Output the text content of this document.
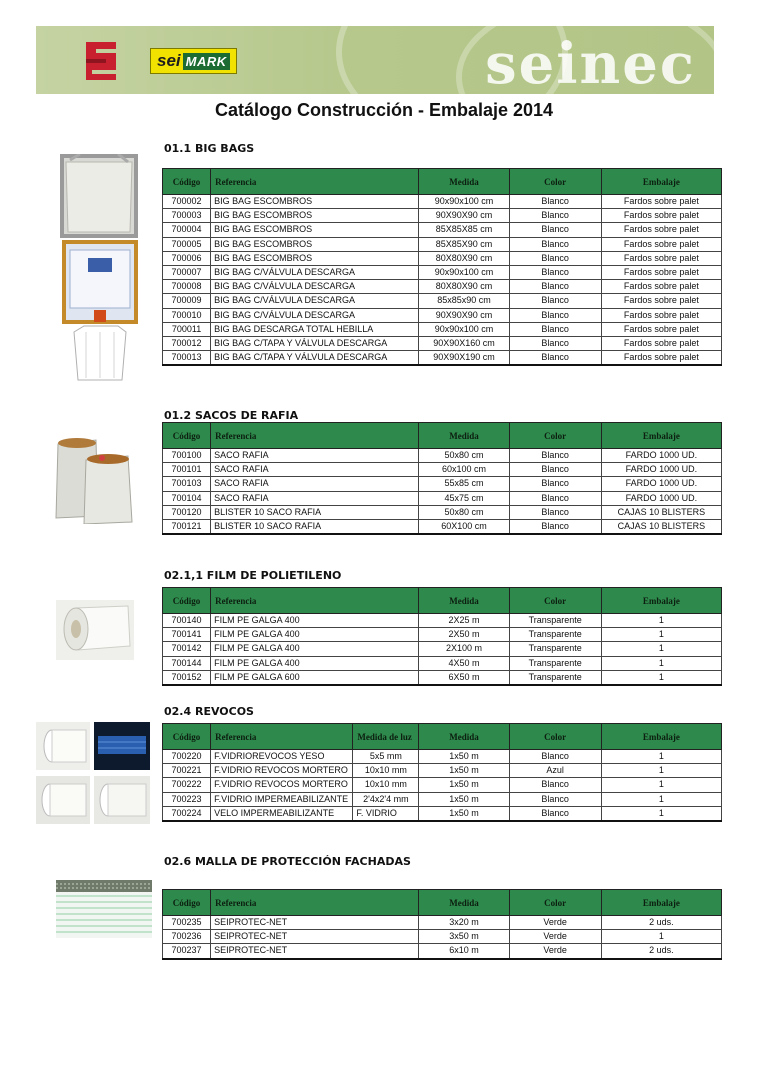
sei MARK	seinec
Catálogo Construcción - Embalaje 2014
01.1 BIG BAGS
Código	Referencia	Medida	Color	Embalaje
700002	BIG BAG ESCOMBROS	90x90x100 cm	Blanco	Fardos sobre palet
700003	BIG BAG ESCOMBROS	90X90X90 cm	Blanco	Fardos sobre palet
700004	BIG BAG ESCOMBROS	85X85X85 cm	Blanco	Fardos sobre palet
700005	BIG BAG ESCOMBROS	85X85X90 cm	Blanco	Fardos sobre palet
700006	BIG BAG ESCOMBROS	80X80X90 cm	Blanco	Fardos sobre palet
700007	BIG BAG C/VÁLVULA DESCARGA	90x90x100 cm	Blanco	Fardos sobre palet
700008	BIG BAG C/VÁLVULA DESCARGA	80X80X90 cm	Blanco	Fardos sobre palet
700009	BIG BAG C/VÁLVULA DESCARGA	85x85x90 cm	Blanco	Fardos sobre palet
700010	BIG BAG C/VÁLVULA DESCARGA	90X90X90 cm	Blanco	Fardos sobre palet
700011	BIG BAG DESCARGA TOTAL HEBILLA	90x90x100 cm	Blanco	Fardos sobre palet
700012	BIG BAG C/TAPA Y VÁLVULA DESCARGA	90X90X160 cm	Blanco	Fardos sobre palet
700013	BIG BAG C/TAPA Y VÁLVULA DESCARGA	90X90X190 cm	Blanco	Fardos sobre palet
01.2 SACOS DE RAFIA
Código	Referencia	Medida	Color	Embalaje
700100	SACO RAFIA	50x80 cm	Blanco	FARDO 1000 UD.
700101	SACO RAFIA	60x100 cm	Blanco	FARDO 1000 UD.
700103	SACO RAFIA	55x85 cm	Blanco	FARDO 1000 UD.
700104	SACO RAFIA	45x75 cm	Blanco	FARDO 1000 UD.
700120	BLISTER 10 SACO RAFIA	50x80 cm	Blanco	CAJAS 10 BLISTERS
700121	BLISTER 10 SACO RAFIA	60X100 cm	Blanco	CAJAS 10 BLISTERS
02.1,1 FILM DE POLIETILENO
Código	Referencia	Medida	Color	Embalaje
700140	FILM PE GALGA 400	2X25 m	Transparente	1
700141	FILM PE GALGA 400	2X50 m	Transparente	1
700142	FILM PE GALGA 400	2X100 m	Transparente	1
700144	FILM PE GALGA 400	4X50 m	Transparente	1
700152	FILM PE GALGA 600	6X50 m	Transparente	1
02.4 REVOCOS
Código	Referencia	Medida de luz	Medida	Color	Embalaje
700220	F.VIDRIOREVOCOS YESO	5x5 mm	1x50 m	Blanco	1
700221	F.VIDRIO REVOCOS MORTERO	10x10 mm	1x50 m	Azul	1
700222	F.VIDRIO REVOCOS MORTERO	10x10 mm	1x50 m	Blanco	1
700223	F.VIDRIO IMPERMEABILIZANTE	2'4x2'4 mm	1x50 m	Blanco	1
700224	VELO IMPERMEABILIZANTE	F. VIDRIO	1x50 m	Blanco	1
02.6 MALLA DE PROTECCIÓN FACHADAS
Código	Referencia	Medida	Color	Embalaje
700235	SEIPROTEC-NET	3x20 m	Verde	2 uds.
700236	SEIPROTEC-NET	3x50 m	Verde	1
700237	SEIPROTEC-NET	6x10 m	Verde	2 uds.
